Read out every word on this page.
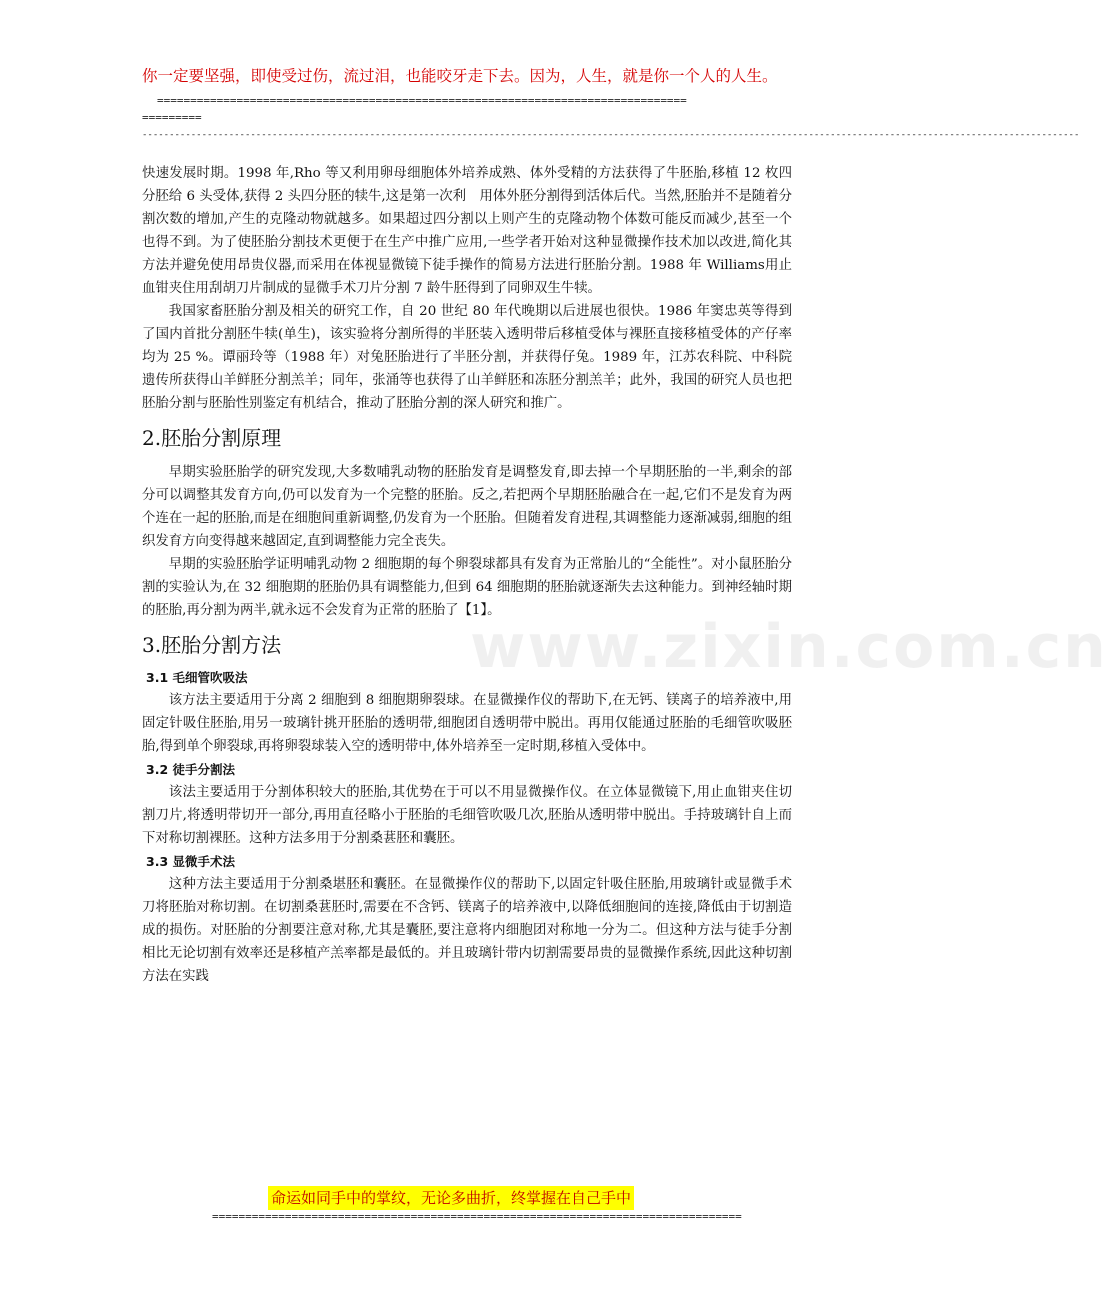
你一定要坚强，即使受过伤，流过泪，也能咬牙走下去。因为，人生，就是你一个人的人生。
================================================================================
=========
-----------------------------------------------------------------------------------------------------------------------------------------------------------------------------
www.zixin.com.cn

快速发展时期。1998 年,Rho 等又利用卵母细胞体外培养成熟、体外受精的方法获得了牛胚胎,移植 12 枚四分胚给 6 头受体,获得 2 头四分胚的犊牛,这是第一次利　用体外胚分割得到活体后代。当然,胚胎并不是随着分割次数的增加,产生的克隆动物就越多。如果超过四分割以上则产生的克隆动物个体数可能反而减少,甚至一个也得不到。为了使胚胎分割技术更便于在生产中推广应用,一些学者开始对这种显微操作技术加以改进,简化其方法并避免使用昂贵仪器,而采用在体视显微镜下徒手操作的简易方法进行胚胎分割。1988 年 Williams用止血钳夹住用刮胡刀片制成的显微手术刀片分割 7 龄牛胚得到了同卵双生牛犊。

我国家畜胚胎分割及相关的研究工作，自 20 世纪 80 年代晚期以后进展也很快。1986 年窦忠英等得到了国内首批分割胚牛犊(单生)，该实验将分割所得的半胚装入透明带后移植受体与裸胚直接移植受体的产仔率均为 25 %。谭丽玲等（1988 年）对兔胚胎进行了半胚分割，并获得仔兔。1989 年，江苏农科院、中科院遗传所获得山羊鲜胚分割羔羊；同年，张涌等也获得了山羊鲜胚和冻胚分割羔羊；此外，我国的研究人员也把胚胎分割与胚胎性别鉴定有机结合，推动了胚胎分割的深人研究和推广。

2.胚胎分割原理

早期实验胚胎学的研究发现,大多数哺乳动物的胚胎发育是调整发育,即去掉一个早期胚胎的一半,剩余的部分可以调整其发育方向,仍可以发育为一个完整的胚胎。反之,若把两个早期胚胎融合在一起,它们不是发育为两个连在一起的胚胎,而是在细胞间重新调整,仍发育为一个胚胎。但随着发育进程,其调整能力逐渐减弱,细胞的组织发育方向变得越来越固定,直到调整能力完全丧失。

早期的实验胚胎学证明哺乳动物 2 细胞期的每个卵裂球都具有发育为正常胎儿的“全能性”。对小鼠胚胎分割的实验认为,在 32 细胞期的胚胎仍具有调整能力,但到 64 细胞期的胚胎就逐渐失去这种能力。到神经轴时期的胚胎,再分割为两半,就永远不会发育为正常的胚胎了【1】。

3.胚胎分割方法
3.1 毛细管吹吸法

该方法主要适用于分离 2 细胞到 8 细胞期卵裂球。在显微操作仪的帮助下,在无钙、镁离子的培养液中,用固定针吸住胚胎,用另一玻璃针挑开胚胎的透明带,细胞团自透明带中脱出。再用仅能通过胚胎的毛细管吹吸胚胎,得到单个卵裂球,再将卵裂球装入空的透明带中,体外培养至一定时期,移植入受体中。

3.2 徒手分割法

该法主要适用于分割体积较大的胚胎,其优势在于可以不用显微操作仪。在立体显微镜下,用止血钳夹住切割刀片,将透明带切开一部分,再用直径略小于胚胎的毛细管吹吸几次,胚胎从透明带中脱出。手持玻璃针自上而下对称切割裸胚。这种方法多用于分割桑葚胚和囊胚。

3.3 显微手术法

这种方法主要适用于分割桑堪胚和囊胚。在显微操作仪的帮助下,以固定针吸住胚胎,用玻璃针或显微手术刀将胚胎对称切割。在切割桑葚胚时,需要在不含钙、镁离子的培养液中,以降低细胞间的连接,降低由于切割造成的损伤。对胚胎的分割要注意对称,尤其是囊胚,要注意将内细胞团对称地一分为二。但这种方法与徒手分割相比无论切割有效率还是移植产羔率都是最低的。并且玻璃针带内切割需要昂贵的显微操作系统,因此这种切割方法在实践

命运如同手中的掌纹，无论多曲折，终掌握在自己手中
================================================================================
